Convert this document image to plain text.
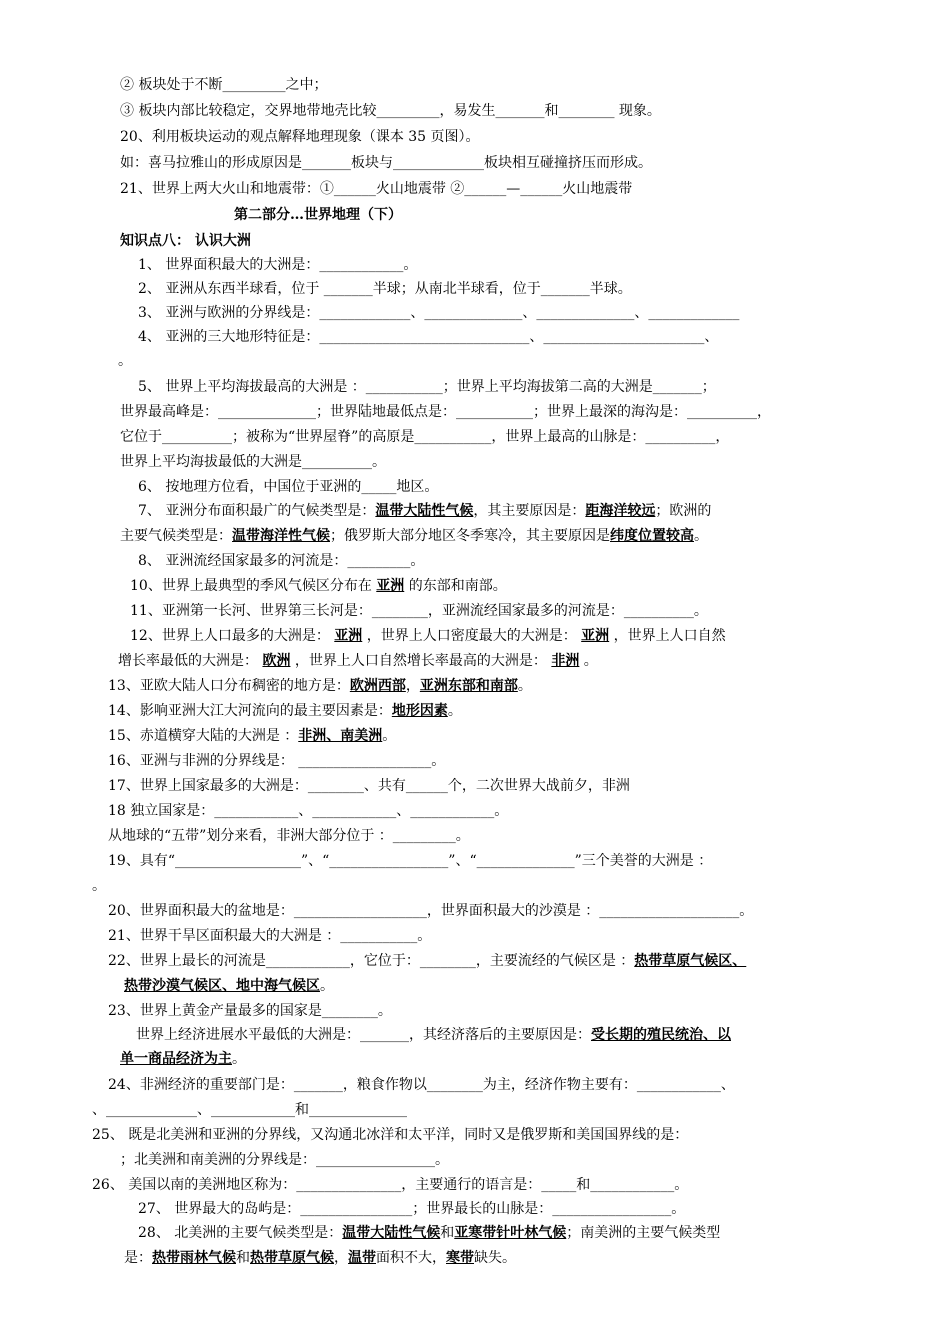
② 板块处于不断_________之中；
③ 板块内部比较稳定，交界地带地壳比较_________，易发生_______和________ 现象。
20、利用板块运动的观点解释地理现象（课本 35 页图）。
如：喜马拉雅山的形成原因是_______板块与_____________板块相互碰撞挤压而形成。
21、世界上两大火山和地震带：①______火山地震带 ②______—______火山地震带
第二部分…世界地理（下）
知识点八： 认识大洲
1、 世界面积最大的大洲是：____________。
2、 亚洲从东西半球看，位于 _______半球；从南北半球看，位于_______半球。
3、 亚洲与欧洲的分界线是：_____________、______________、______________、_____________
4、 亚洲的三大地形特征是：______________________________、_______________________、
。
5、 世界上平均海拔最高的大洲是 ：___________；世界上平均海拔第二高的大洲是_______；
世界最高峰是：______________；世界陆地最低点是：___________；世界上最深的海沟是：__________，
它位于__________；被称为“世界屋脊”的高原是___________，世界上最高的山脉是：__________，
世界上平均海拔最低的大洲是__________。
6、 按地理方位看，中国位于亚洲的_____地区。
7、 亚洲分布面积最广的气候类型是：温带大陆性气候，其主要原因是：距海洋较远；欧洲的
主要气候类型是：温带海洋性气候；俄罗斯大部分地区冬季寒冷，其主要原因是纬度位置较高。
8、 亚洲流经国家最多的河流是：_________。
10、世界上最典型的季风气候区分布在 亚洲 的东部和南部。
11、亚洲第一长河、世界第三长河是：________，亚洲流经国家最多的河流是：__________。
12、世界上人口最多的大洲是： 亚洲 ，世界上人口密度最大的大洲是： 亚洲 ，世界上人口自然
增长率最低的大洲是： 欧洲 ，世界上人口自然增长率最高的大洲是： 非洲 。
13、亚欧大陆人口分布稠密的地方是：欧洲西部，亚洲东部和南部。
14、影响亚洲大江大河流向的最主要因素是：地形因素。
15、赤道横穿大陆的大洲是 ：非洲、南美洲。
16、亚洲与非洲的分界线是： ___________________。
17、世界上国家最多的大洲是：________、共有______个，二次世界大战前夕，非洲
18 独立国家是：____________、____________、____________。
从地球的“五带”划分来看，非洲大部分位于 ：_________。
19、具有“__________________”、“_________________”、“______________”三个美誉的大洲是 ：
。
20、世界面积最大的盆地是：___________________，世界面积最大的沙漠是 ：____________________。
21、世界干旱区面积最大的大洲是 ：___________。
22、世界上最长的河流是____________，它位于：________，主要流经的气候区是 ：热带草原气候区、
热带沙漠气候区、地中海气候区。
23、世界上黄金产量最多的国家是________。
世界上经济进展水平最低的大洲是：_______，其经济落后的主要原因是：受长期的殖民统治、以
单一商品经济为主。
24、非洲经济的重要部门是：_______，粮食作物以________为主，经济作物主要有：____________、
、_____________、____________和______________
25、 既是北美洲和亚洲的分界线，又沟通北冰洋和太平洋，同时又是俄罗斯和美国国界线的是：
；北美洲和南美洲的分界线是：_________________。
26、 美国以南的美洲地区称为：_______________，主要通行的语言是：_____和____________。
27、 世界最大的岛屿是：________________；世界最长的山脉是：_________________。
28、 北美洲的主要气候类型是：温带大陆性气候和亚寒带针叶林气候；南美洲的主要气候类型
是：热带雨林气候和热带草原气候，温带面积不大，寒带缺失。
